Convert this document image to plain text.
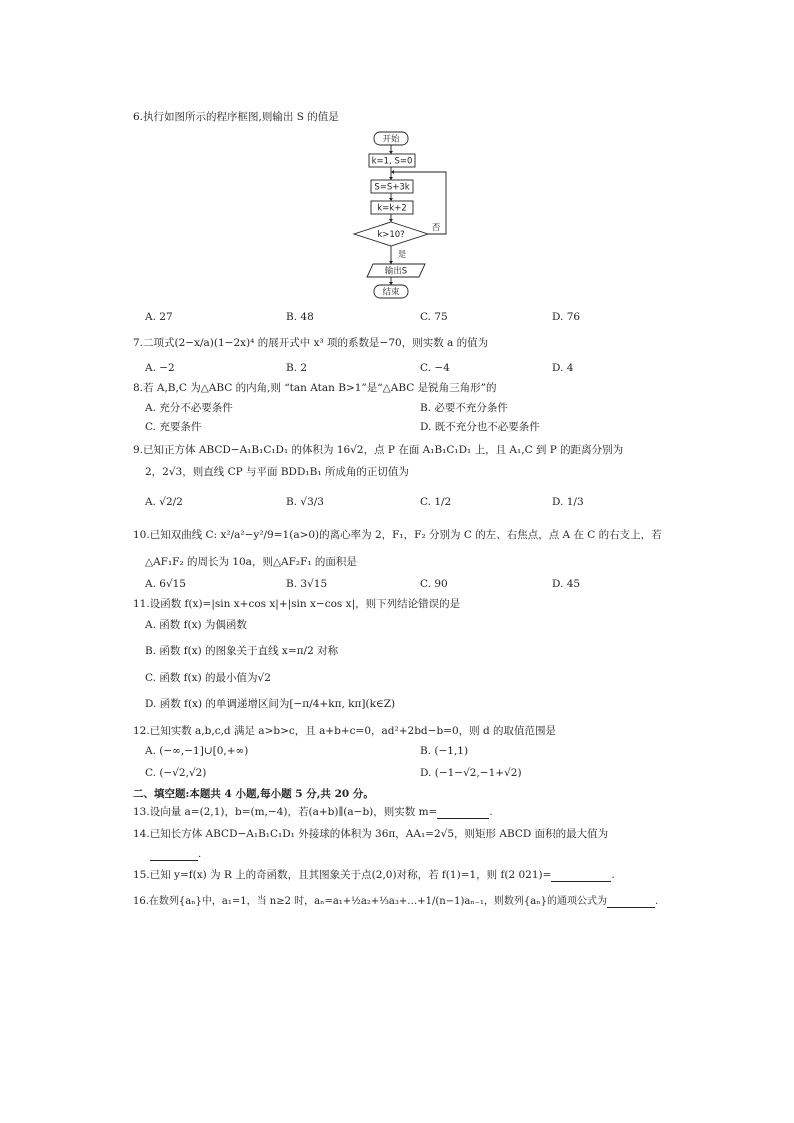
6.执行如图所示的程序框图,则输出 S 的值是
开始
k=1, S=0
S=S+3k
k=k+2
k>10?
否
是
输出S
结束
A. 27	B. 48	C. 75	D. 76
7.二项式(2−x/a)(1−2x)⁴ 的展开式中 x³ 项的系数是−70，则实数 a 的值为
A. −2	B. 2	C. −4	D. 4
8.若 A,B,C 为△ABC 的内角,则 “tan Atan B>1”是“△ABC 是锐角三角形”的
A. 充分不必要条件	B. 必要不充分条件
C. 充要条件	D. 既不充分也不必要条件
9.已知正方体 ABCD−A₁B₁C₁D₁ 的体积为 16√2，点 P 在面 A₁B₁C₁D₁ 上，且 A₁,C 到 P 的距离分别为
2，2√3，则直线 CP 与平面 BDD₁B₁ 所成角的正切值为
A. √2/2	B. √3/3	C. 1/2	D. 1/3
10.已知双曲线 C: x²/a²−y²/9=1(a>0)的离心率为 2，F₁，F₂ 分别为 C 的左、右焦点，点 A 在 C 的右支上，若
△AF₁F₂ 的周长为 10a，则△AF₂F₁ 的面积是
A. 6√15	B. 3√15	C. 90	D. 45
11.设函数 f(x)=|sin x+cos x|+|sin x−cos x|，则下列结论错误的是
A. 函数 f(x) 为偶函数
B. 函数 f(x) 的图象关于直线 x=π/2 对称
C. 函数 f(x) 的最小值为√2
D. 函数 f(x) 的单调递增区间为[−π/4+kπ, kπ](k∈Z)
12.已知实数 a,b,c,d 满足 a>b>c，且 a+b+c=0，ad²+2bd−b=0，则 d 的取值范围是
A. (−∞,−1]∪[0,+∞)	B. (−1,1)
C. (−√2,√2)	D. (−1−√2,−1+√2)
二、填空题:本题共 4 小题,每小题 5 分,共 20 分。
13.设向量 a=(2,1)，b=(m,−4)，若(a+b)∥(a−b)，则实数 m=	.
14.已知长方体 ABCD−A₁B₁C₁D₁ 外接球的体积为 36π，AA₁=2√5，则矩形 ABCD 面积的最大值为
.
15.已知 y=f(x) 为 R 上的奇函数，且其图象关于点(2,0)对称，若 f(1)=1，则 f(2 021)=	.
16.在数列{aₙ}中，a₁=1，当 n≥2 时，aₙ=a₁+½a₂+⅓a₃+…+1/(n−1)aₙ₋₁，则数列{aₙ}的通项公式为	.
